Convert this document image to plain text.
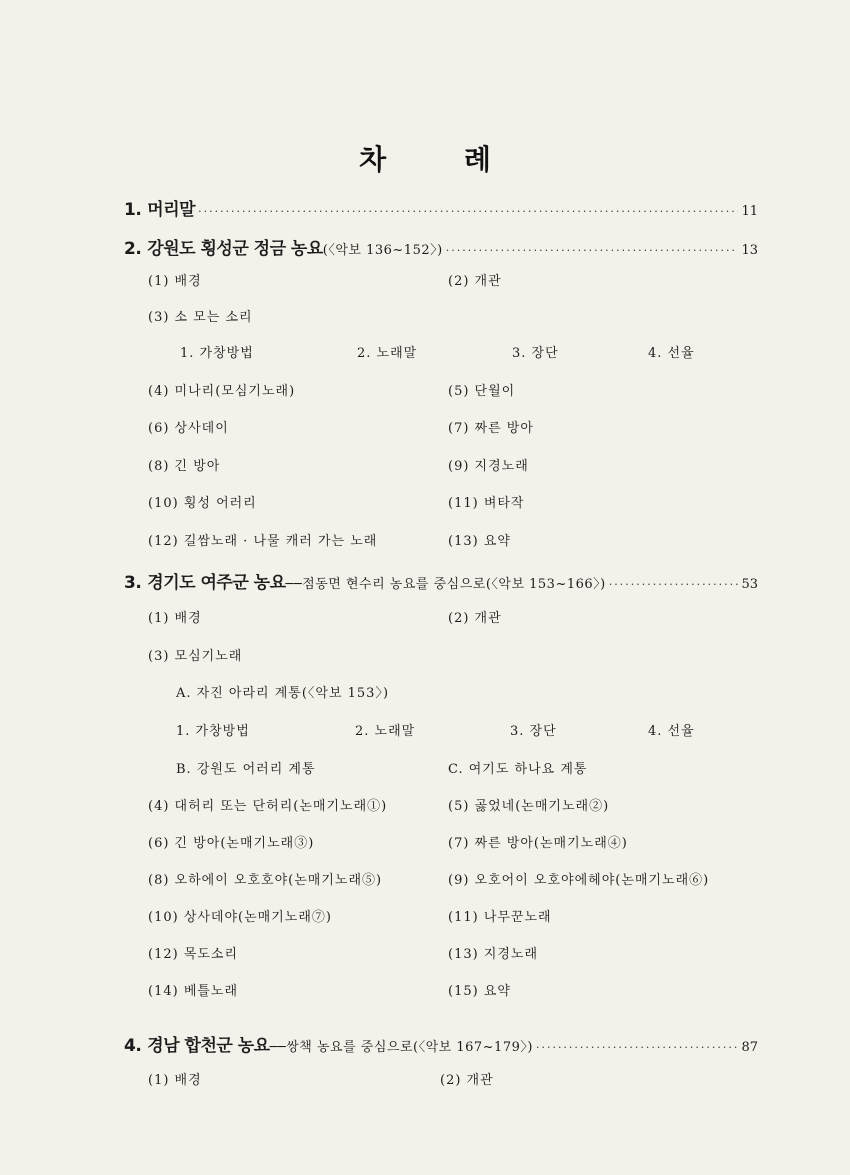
차 례
1. 머리말 ·····	11
2. 강원도 횡성군 정금 농요 (〈악보 136~152〉) ·····	13
(1) 배경	(2) 개관
(3) 소 모는 소리
1. 가창방법	2. 노래말	3. 장단	4. 선율
(4) 미나리(모심기노래)	(5) 단월이
(6) 상사데이	(7) 짜른 방아
(8) 긴 방아	(9) 지경노래
(10) 횡성 어러리	(11) 벼타작
(12) 길쌈노래 · 나물 캐러 가는 노래	(13) 요약
3. 경기도 여주군 농요 ──점동면 현수리 농요를 중심으로(〈악보 153~166〉) ·····	53
(1) 배경	(2) 개관
(3) 모심기노래
A. 자진 아라리 계통(〈악보 153〉)
1. 가창방법	2. 노래말	3. 장단	4. 선율
B. 강원도 어러리 계통	C. 여기도 하나요 계통
(4) 대허리 또는 단허리(논매기노래①)	(5) 곯었네(논매기노래②)
(6) 긴 방아(논매기노래③)	(7) 짜른 방아(논매기노래④)
(8) 오하에이 오호호야(논매기노래⑤)	(9) 오호어이 오호야에헤야(논매기노래⑥)
(10) 상사데야(논매기노래⑦)	(11) 나무꾼노래
(12) 목도소리	(13) 지경노래
(14) 베틀노래	(15) 요약
4. 경남 합천군 농요 ──쌍책 농요를 중심으로(〈악보 167~179〉) ·····	87
(1) 배경	(2) 개관
